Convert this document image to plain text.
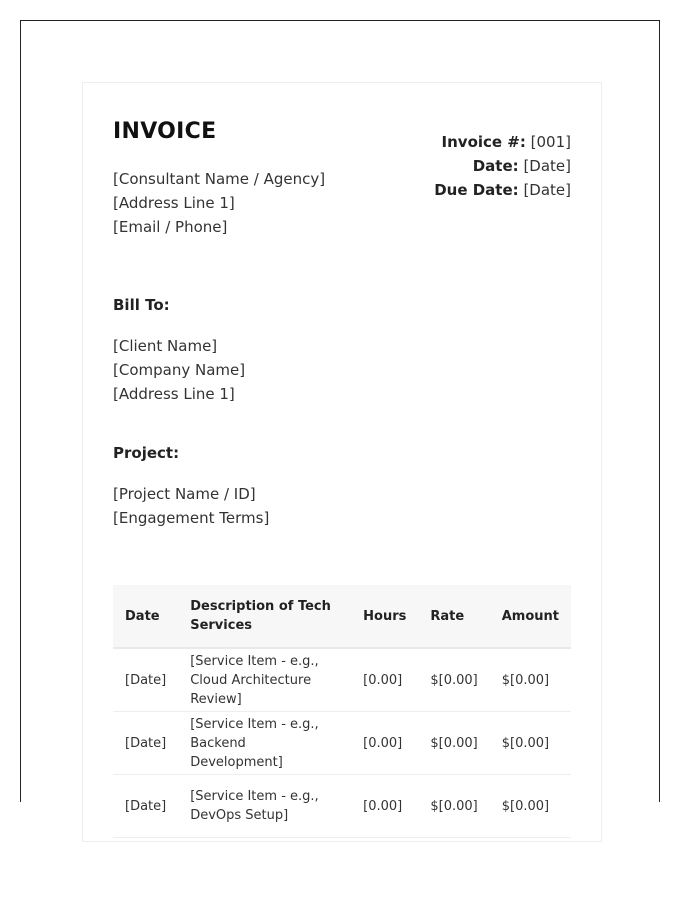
INVOICE
[Consultant Name / Agency]
[Address Line 1]
[Email / Phone]
Invoice #: [001]
Date: [Date]
Due Date: [Date]
Bill To:
[Client Name]
[Company Name]
[Address Line 1]
Project:
[Project Name / ID]
[Engagement Terms]
Date	Description of Tech Services	Hours	Rate	Amount
[Date]	[Service Item - e.g., Cloud Architecture Review]	[0.00]	$[0.00]	$[0.00]
[Date]	[Service Item - e.g., Backend Development]	[0.00]	$[0.00]	$[0.00]
[Date]	[Service Item - e.g., DevOps Setup]	[0.00]	$[0.00]	$[0.00]
